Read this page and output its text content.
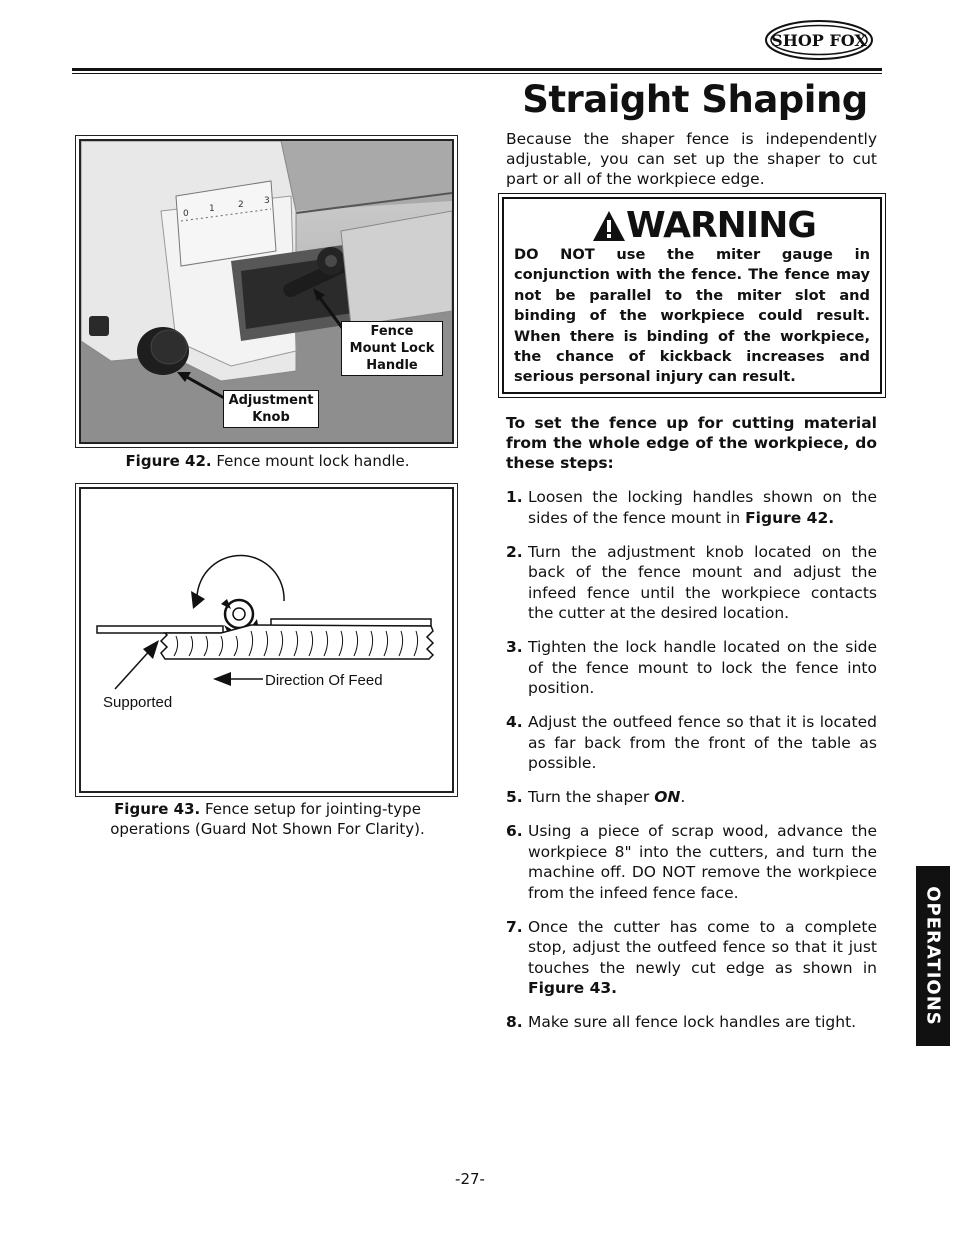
SHOP FOX
Straight Shaping
0 1	2 3
Fence Mount Lock Handle
Adjustment Knob
Figure 42. Fence mount lock handle.
Direction Of Feed
Supported
Figure 43. Fence setup for jointing-type operations (Guard Not Shown For Clarity).
Because the shaper fence is independently adjustable, you can set up the shaper to cut part or all of the workpiece edge.
WARNING
DO NOT use the miter gauge in conjunction with the fence. The fence may not be parallel to the miter slot and binding of the workpiece could result. When there is binding of the workpiece, the chance of kickback increases and serious personal injury can result.
To set the fence up for cutting material from the whole edge of the workpiece, do these steps:
1. Loosen the locking handles shown on the sides of the fence mount in Figure 42.
2. Turn the adjustment knob located on the back of the fence mount and adjust the infeed fence until the workpiece contacts the cutter at the desired location.
3. Tighten the lock handle located on the side of the fence mount to lock the fence into position.
4. Adjust the outfeed fence so that it is located as far back from the front of the table as possible.
5. Turn the shaper ON.
6. Using a piece of scrap wood, advance the workpiece 8" into the cutters, and turn the machine off. DO NOT remove the workpiece from the infeed fence face.
7. Once the cutter has come to a complete stop, adjust the outfeed fence so that it just touches the newly cut edge as shown in Figure 43.
8. Make sure all fence lock handles are tight.	OPERATIONS
-27-
